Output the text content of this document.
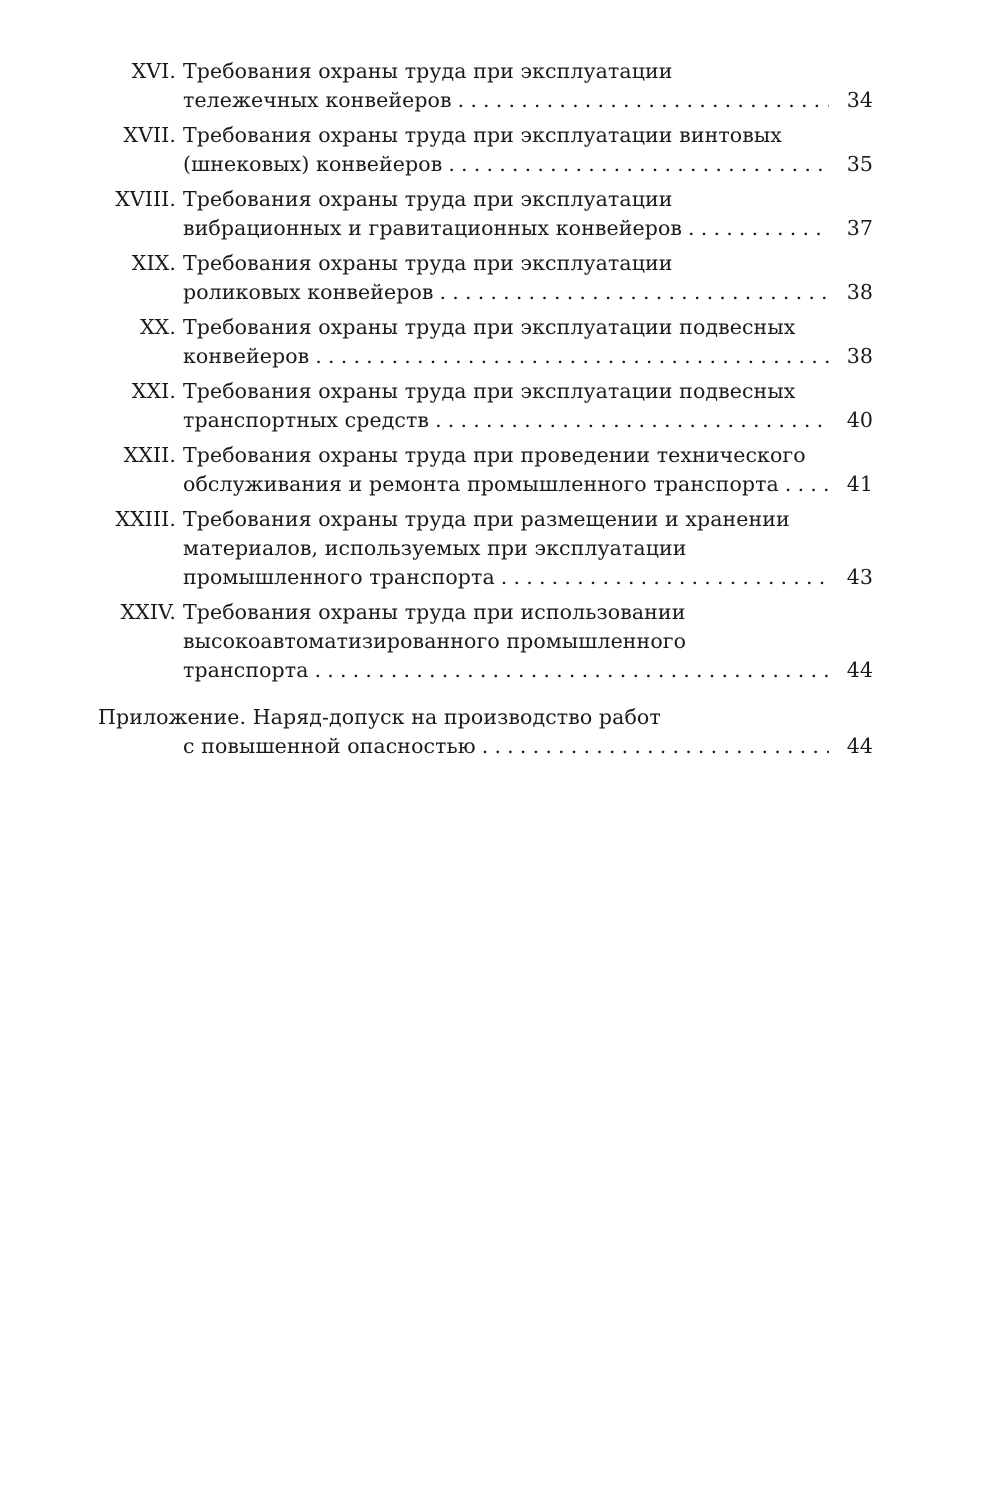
XVI. Требования охраны труда при эксплуатации
тележечных конвейеров .....	34
XVII. Требования охраны труда при эксплуатации винтовых
(шнековых) конвейеров .....	35
XVIII. Требования охраны труда при эксплуатации
вибрационных и гравитационных конвейеров .....	37
XIX. Требования охраны труда при эксплуатации
роликовых конвейеров .....	38
XX. Требования охраны труда при эксплуатации подвесных
конвейеров .....	38
XXI. Требования охраны труда при эксплуатации подвесных
транспортных средств .....	40
XXII. Требования охраны труда при проведении технического
обслуживания и ремонта промышленного транспорта .....	41
XXIII. Требования охраны труда при размещении и хранении
материалов, используемых при эксплуатации
промышленного транспорта .....	43
XXIV. Требования охраны труда при использовании
высокоавтоматизированного промышленного
транспорта .....	44
Приложение. Наряд-допуск на производство работ
с повышенной опасностью .....	44
